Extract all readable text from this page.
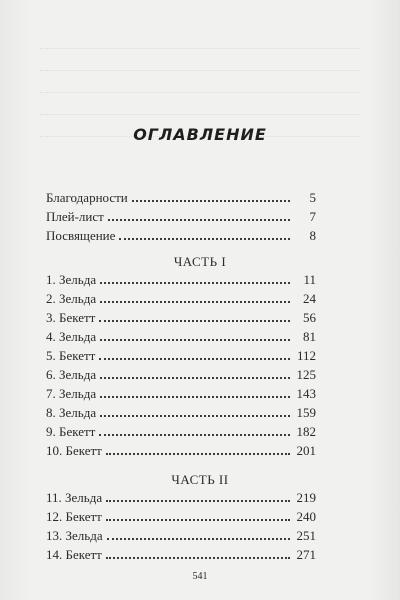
ОГЛАВЛЕНИЕ
Благодарности	5
Плей-лист	7
Посвящение	8
ЧАСТЬ I
1. Зельда	11
2. Зельда	24
3. Бекетт	56
4. Зельда	81
5. Бекетт	112
6. Зельда	125
7. Зельда	143
8. Зельда	159
9. Бекетт	182
10. Бекетт	201
ЧАСТЬ II
11. Зельда	219
12. Бекетт	240
13. Зельда	251
14. Бекетт	271
541
